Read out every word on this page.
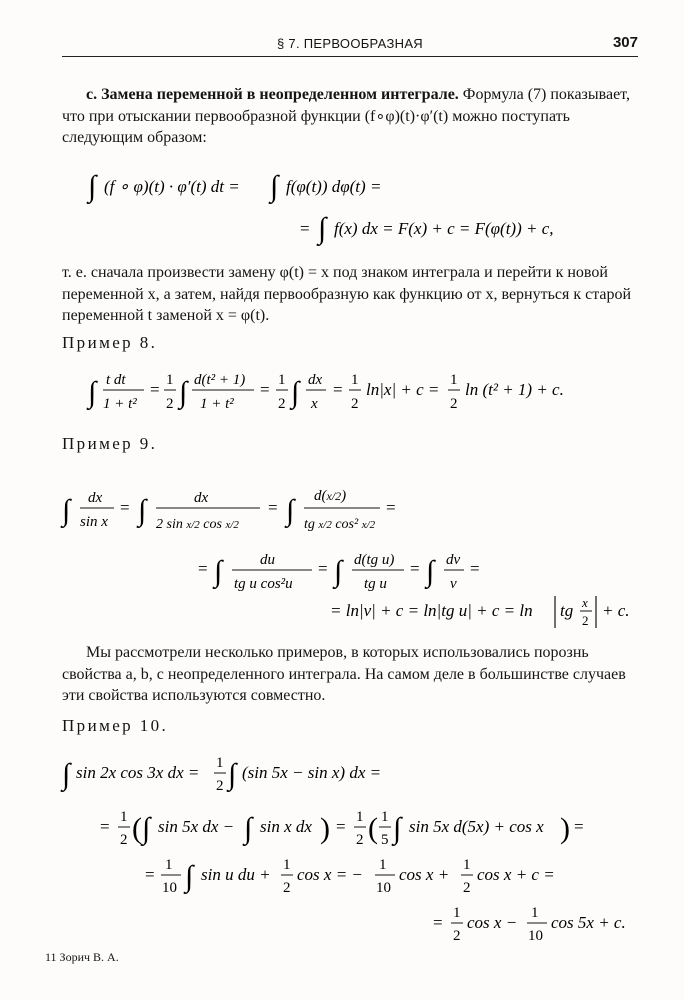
§ 7. ПЕРВООБРАЗНАЯ	307
c. Замена переменной в неопределенном интеграле. Формула (7) показывает, что при отыскании первообразной функции (f∘φ)(t)·φ′(t) можно поступать следующим образом:
∫ (f ∘ φ)(t) · φ′(t) dt = ∫ f(φ(t)) dφ(t) =
= ∫ f(x) dx = F(x) + c = F(φ(t)) + c,
т. е. сначала произвести замену φ(t) = x под знаком интеграла и перейти к новой переменной x, а затем, найдя первообразную как функцию от x, вернуться к старой переменной t заменой x = φ(t).
Пример 8.
∫ t dt
1 + t²
= 1
2 ∫ d(t² + 1)
1 + t²
= 1
2 ∫ dx
x
= 1
2
ln|x| + c = 1
2
ln (t² + 1) + c.
Пример 9.
∫ dx
sin x
= ∫	dx
2 sin x/2 cos x/2
= ∫ d(x/2)
tg x/2 cos² x/2
=
= ∫	du
tg u cos²u
= ∫ d(tg u)
tg u
= ∫ dv
v
=
= ln|v| + c = ln|tg u| + c = ln tg x
2
+ c.
Мы рассмотрели несколько примеров, в которых использовались порознь свойства a, b, c неопределенного интеграла. На самом деле в большинстве случаев эти свойства используются совместно.
Пример 10.
∫ sin 2x cos 3x dx = 1
2 ∫ (sin 5x − sin x) dx =
= 1
2 ( ∫ sin 5x dx − ∫ sin x dx ) = 1
2 ( 1
5 ∫ sin 5x d(5x) + cos x ) =
= 1
10 ∫ sin u du + 1
2
cos x = − 1
10
cos x + 1
2
cos x + c =
= 1
2
cos x − 1
10
cos 5x + c.
11 Зорич В. А.
